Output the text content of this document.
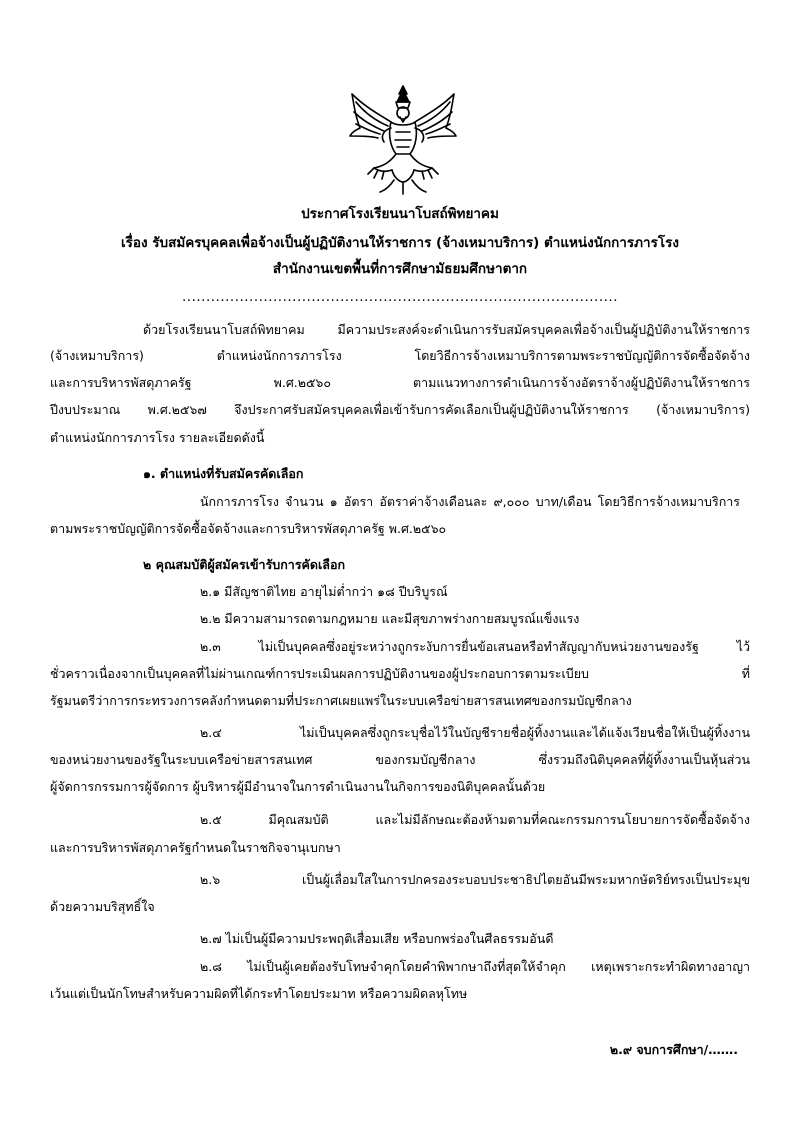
ประกาศโรงเรียนนาโบสถ์พิทยาคม
เรื่อง รับสมัครบุคคลเพื่อจ้างเป็นผู้ปฏิบัติงานให้ราชการ (จ้างเหมาบริการ) ตำแหน่งนักการภารโรง
สำนักงานเขตพื้นที่การศึกษามัธยมศึกษาตาก
...........................................................................................
ด้วยโรงเรียนนาโบสถ์พิทยาคม มีความประสงค์จะดำเนินการรับสมัครบุคคลเพื่อจ้างเป็นผู้ปฏิบัติงานให้ราชการ
(จ้างเหมาบริการ) ตำแหน่งนักการภารโรง โดยวิธีการจ้างเหมาบริการตามพระราชบัญญัติการจัดซื้อจัดจ้าง
และการบริหารพัสดุภาครัฐ พ.ศ.๒๕๖๐ ตามแนวทางการดำเนินการจ้างอัตราจ้างผู้ปฏิบัติงานให้ราชการ
ปีงบประมาณ พ.ศ.๒๕๖๗ จึงประกาศรับสมัครบุคคลเพื่อเข้ารับการคัดเลือกเป็นผู้ปฏิบัติงานให้ราชการ (จ้างเหมาบริการ)
ตำแหน่งนักการภารโรง รายละเอียดดังนี้
๑. ตำแหน่งที่รับสมัครคัดเลือก
นักการภารโรง จำนวน ๑ อัตรา อัตราค่าจ้างเดือนละ ๙,๐๐๐ บาท/เดือน โดยวิธีการจ้างเหมาบริการ
ตามพระราชบัญญัติการจัดซื้อจัดจ้างและการบริหารพัสดุภาครัฐ พ.ศ.๒๕๖๐
๒ คุณสมบัติผู้สมัครเข้ารับการคัดเลือก
๒.๑ มีสัญชาติไทย อายุไม่ต่ำกว่า ๑๘ ปีบริบูรณ์
๒.๒ มีความสามารถตามกฎหมาย และมีสุขภาพร่างกายสมบูรณ์แข็งแรง
๒.๓ ไม่เป็นบุคคลซึ่งอยู่ระหว่างถูกระงับการยื่นข้อเสนอหรือทำสัญญากับหน่วยงานของรัฐ ไว้
ชั่วคราวเนื่องจากเป็นบุคคลที่ไม่ผ่านเกณฑ์การประเมินผลการปฏิบัติงานของผู้ประกอบการตามระเบียบ ที่
รัฐมนตรีว่าการกระทรวงการคลังกำหนดตามที่ประกาศเผยแพร่ในระบบเครือข่ายสารสนเทศของกรมบัญชีกลาง
๒.๔ ไม่เป็นบุคคลซึ่งถูกระบุชื่อไว้ในบัญชีรายชื่อผู้ทิ้งงานและได้แจ้งเวียนชื่อให้เป็นผู้ทิ้งงาน
ของหน่วยงานของรัฐในระบบเครือข่ายสารสนเทศ ของกรมบัญชีกลาง ซึ่งรวมถึงนิติบุคคลที่ผู้ทิ้งงานเป็นหุ้นส่วน
ผู้จัดการกรรมการผู้จัดการ ผู้บริหารผู้มีอำนาจในการดำเนินงานในกิจการของนิติบุคคลนั้นด้วย
๒.๕ มีคุณสมบัติ และไม่มีลักษณะต้องห้ามตามที่คณะกรรมการนโยบายการจัดซื้อจัดจ้าง
และการบริหารพัสดุภาครัฐกำหนดในราชกิจจานุเบกษา
๒.๖ เป็นผู้เลื่อมใสในการปกครองระบอบประชาธิปไตยอันมีพระมหากษัตริย์ทรงเป็นประมุข
ด้วยความบริสุทธิ์ใจ
๒.๗ ไม่เป็นผู้มีความประพฤติเสื่อมเสีย หรือบกพร่องในศีลธรรมอันดี
๒.๘ ไม่เป็นผู้เคยต้องรับโทษจำคุกโดยคำพิพากษาถึงที่สุดให้จำคุก เหตุเพราะกระทำผิดทางอาญา
เว้นแต่เป็นนักโทษสำหรับความผิดที่ได้กระทำโดยประมาท หรือความผิดลหุโทษ
๒.๙ จบการศึกษา/…….
